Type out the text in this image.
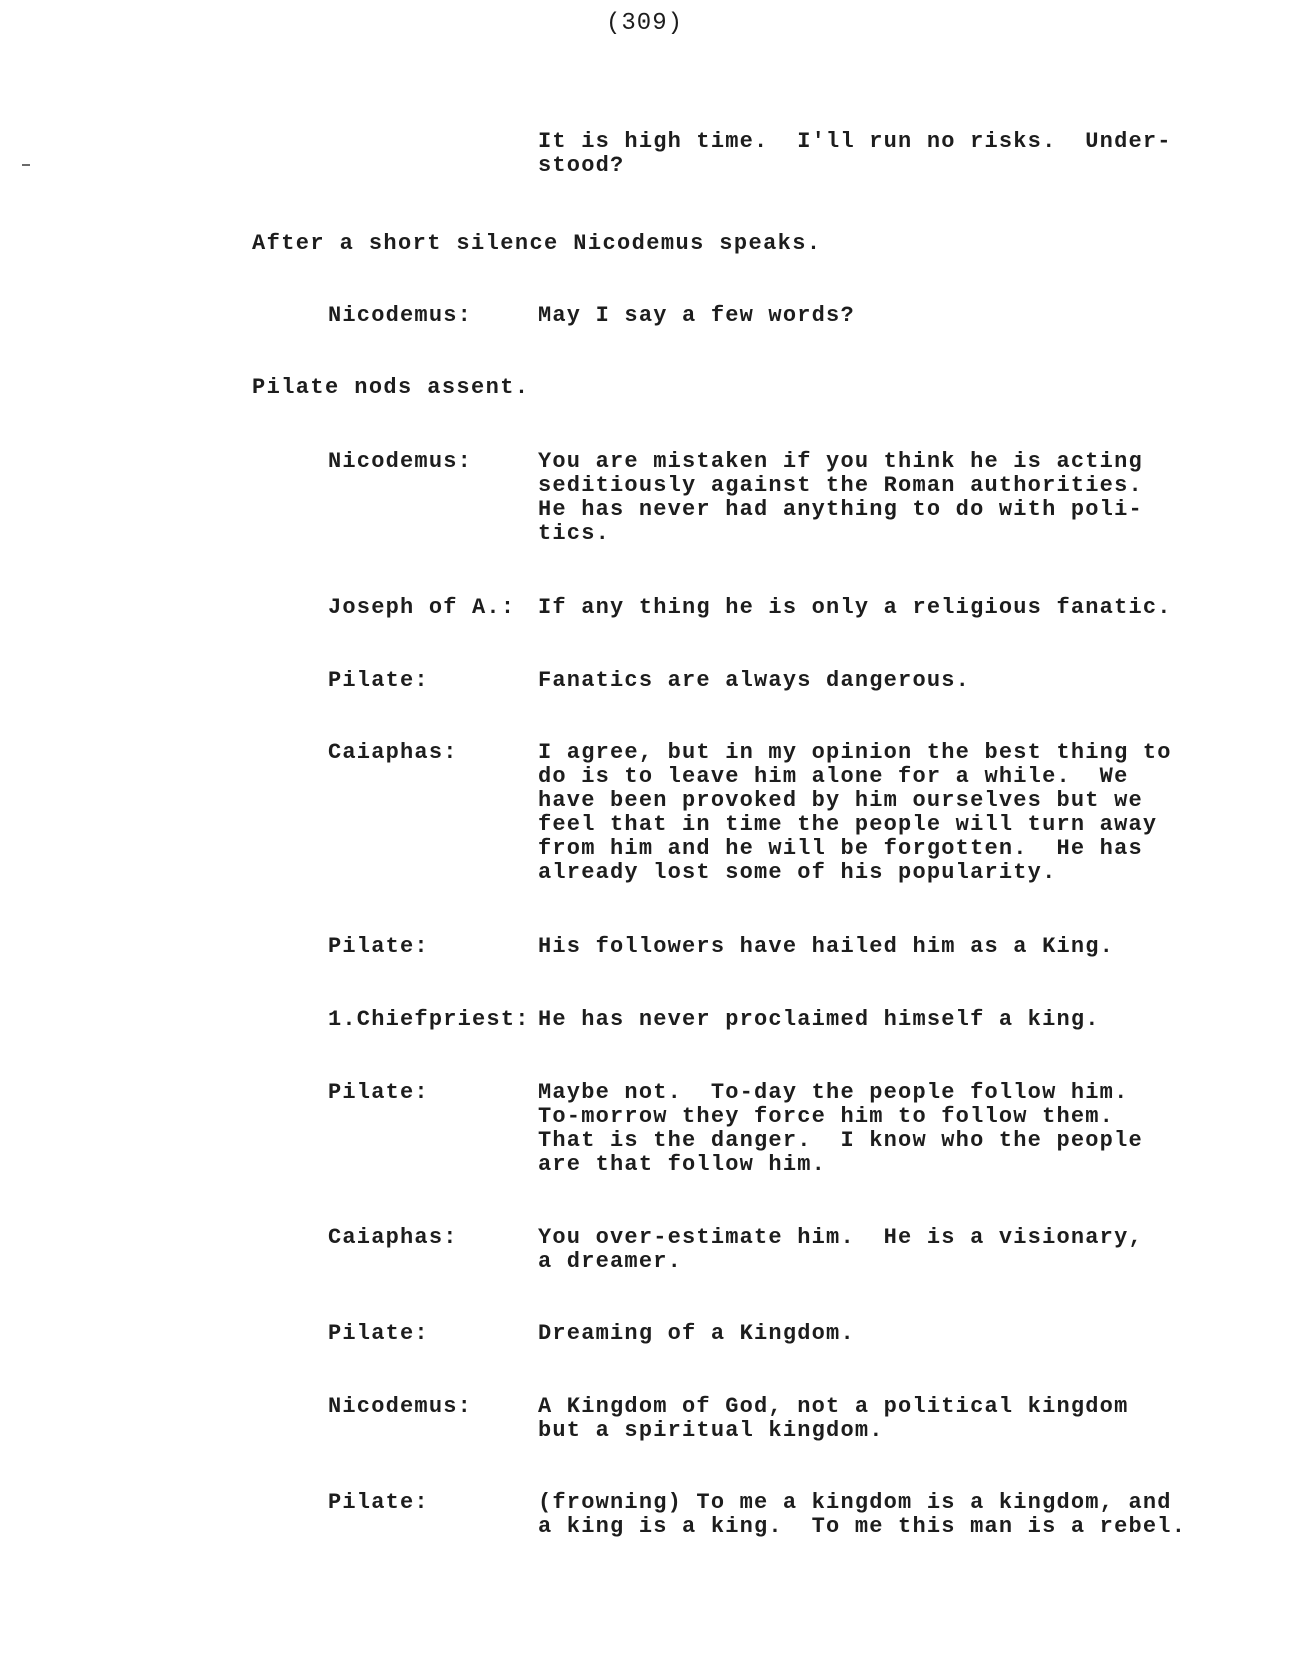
(309)
It is high time.  I'll run no risks.  Under-
stood?
After a short silence Nicodemus speaks.
Nicodemus:	May I say a few words?
Pilate nods assent.
Nicodemus:	You are mistaken if you think he is acting
seditiously against the Roman authorities.
He has never had anything to do with poli-
tics.
Joseph of A.: If any thing he is only a religious fanatic.
Pilate:	Fanatics are always dangerous.
Caiaphas:	I agree, but in my opinion the best thing to
do is to leave him alone for a while.  We
have been provoked by him ourselves but we
feel that in time the people will turn away
from him and he will be forgotten.  He has
already lost some of his popularity.
Pilate:	His followers have hailed him as a King.
1.Chiefpriest: He has never proclaimed himself a king.
Pilate:	Maybe not.  To-day the people follow him.
To-morrow they force him to follow them.
That is the danger.  I know who the people
are that follow him.
Caiaphas:	You over-estimate him.  He is a visionary,
a dreamer.
Pilate:	Dreaming of a Kingdom.
Nicodemus:	A Kingdom of God, not a political kingdom
but a spiritual kingdom.
Pilate:	(frowning) To me a kingdom is a kingdom, and
a king is a king.  To me this man is a rebel.
